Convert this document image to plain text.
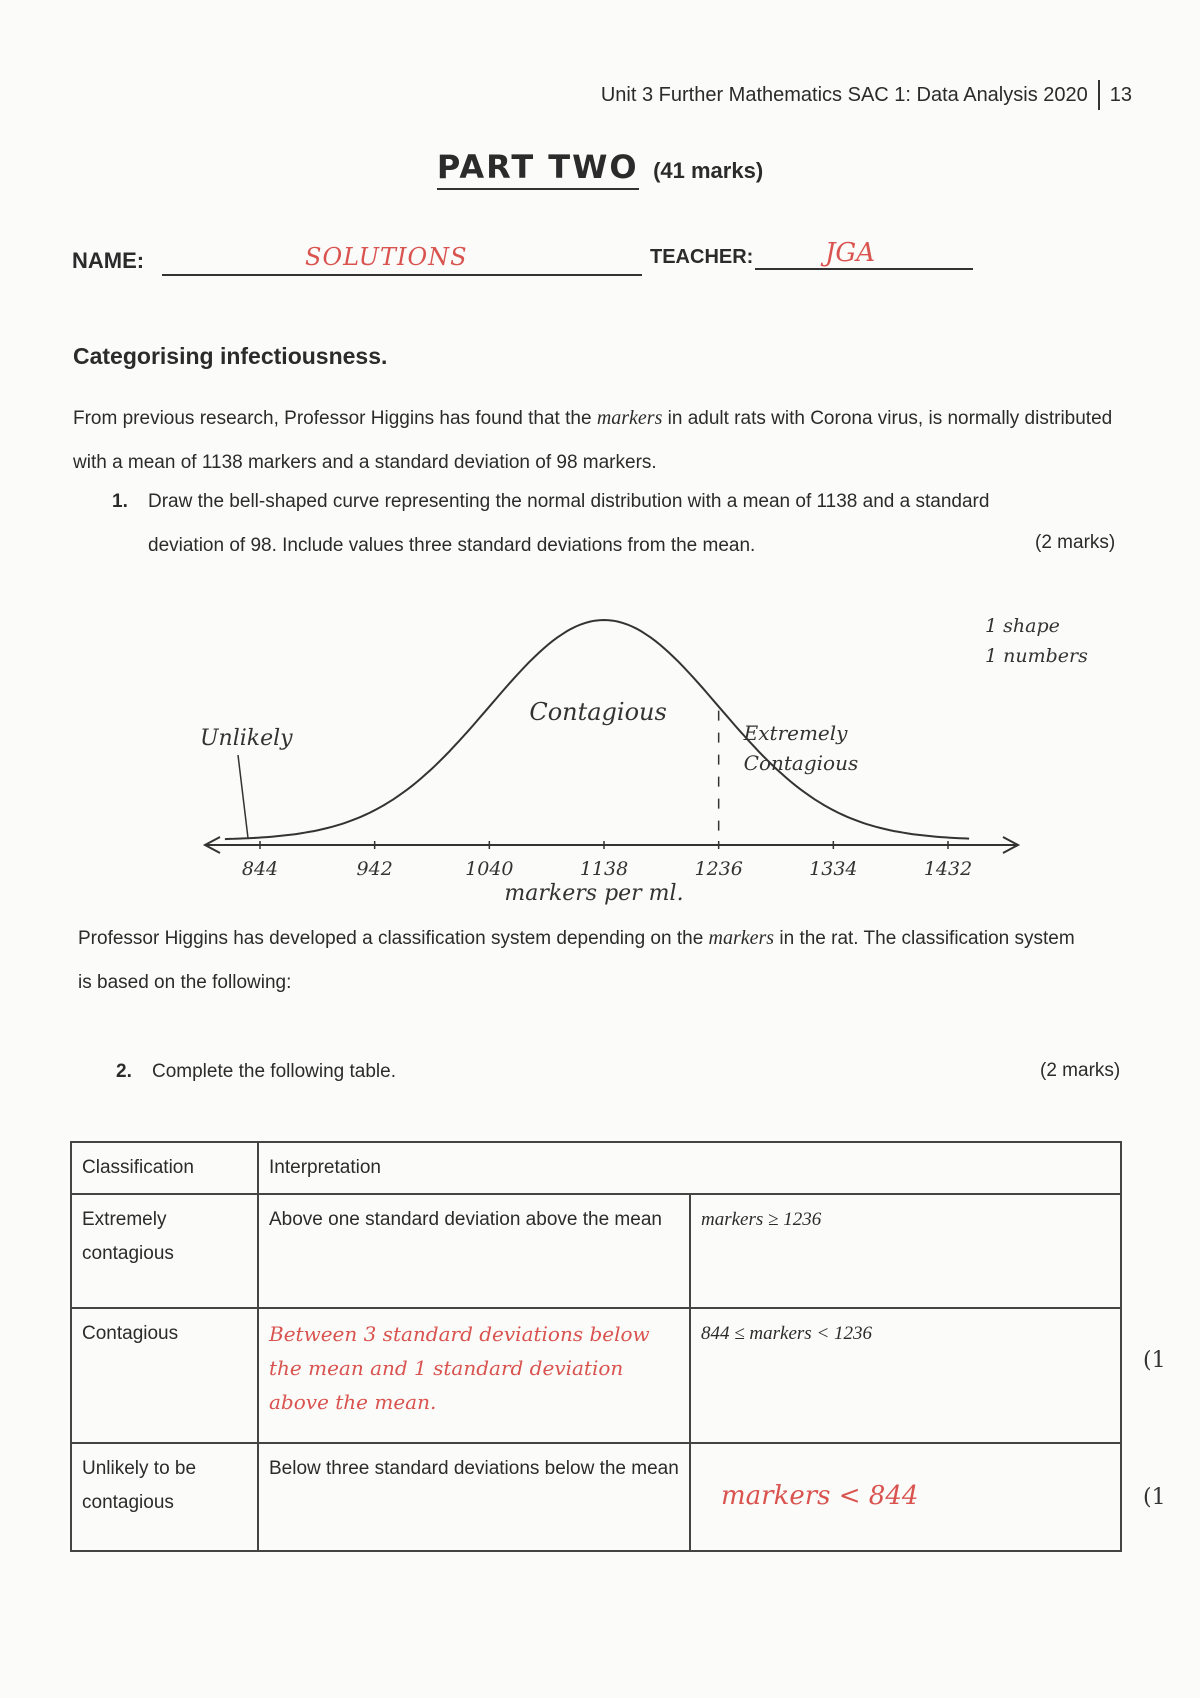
Unit 3 Further Mathematics SAC 1: Data Analysis 2020 13
PART TWO (41 marks)
NAME:	SOLUTIONS	TEACHER:	JGA
Categorising infectiousness.
From previous research, Professor Higgins has found that the markers in adult rats with Corona virus, is normally distributed with a mean of 1138 markers and a standard deviation of 98 markers.
1. Draw the bell-shaped curve representing the normal distribution with a mean of 1138 and a standard deviation of 98. Include values three standard deviations from the mean.	(2 marks)
844	942	1040	1138	1236	1334	1432
markers per ml.
Unlikely
Contagious
Extremely Contagious
1 shape
1 numbers
Professor Higgins has developed a classification system depending on the markers in the rat. The classification system is based on the following:
2. Complete the following table.	(2 marks)
Classification	Interpretation	
Extremely contagious	Above one standard deviation above the mean	markers ≥ 1236
Contagious	Between 3 standard deviations below the mean and 1 standard deviation above the mean.	844 ≤ markers < 1236
Unlikely to be contagious	Below three standard deviations below the mean	markers < 844
(1
(1
